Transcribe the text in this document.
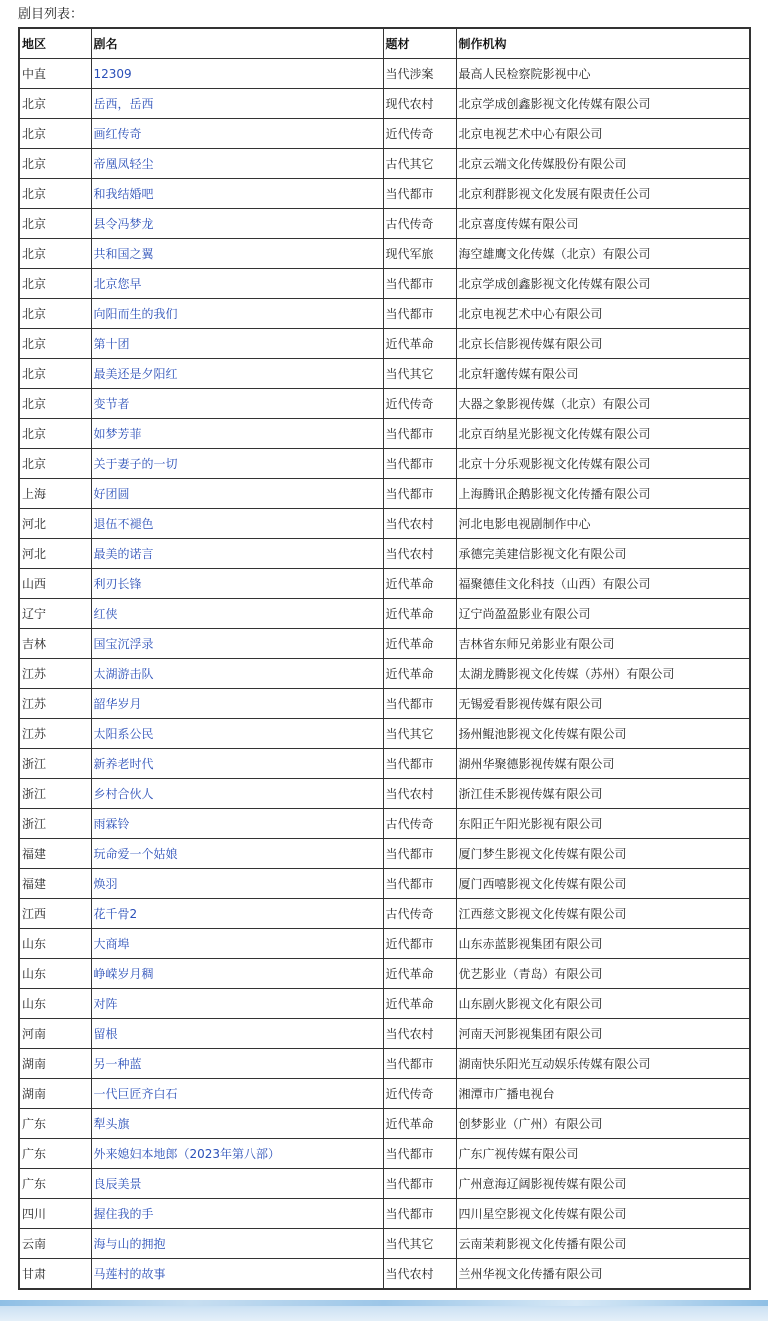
剧目列表：
地区	剧名	题材	制作机构
中直	12309	当代涉案	最高人民检察院影视中心
北京	岳西，岳西	现代农村	北京学成创鑫影视文化传媒有限公司
北京	画红传奇	近代传奇	北京电视艺术中心有限公司
北京	帝凰凤轻尘	古代其它	北京云端文化传媒股份有限公司
北京	和我结婚吧	当代都市	北京利群影视文化发展有限责任公司
北京	县令冯梦龙	古代传奇	北京喜度传媒有限公司
北京	共和国之翼	现代军旅	海空雄鹰文化传媒（北京）有限公司
北京	北京您早	当代都市	北京学成创鑫影视文化传媒有限公司
北京	向阳而生的我们	当代都市	北京电视艺术中心有限公司
北京	第十团	近代革命	北京长信影视传媒有限公司
北京	最美还是夕阳红	当代其它	北京轩邈传媒有限公司
北京	变节者	近代传奇	大器之象影视传媒（北京）有限公司
北京	如梦芳菲	当代都市	北京百纳星光影视文化传媒有限公司
北京	关于妻子的一切	当代都市	北京十分乐观影视文化传媒有限公司
上海	好团圆	当代都市	上海腾讯企鹅影视文化传播有限公司
河北	退伍不褪色	当代农村	河北电影电视剧制作中心
河北	最美的诺言	当代农村	承德完美建信影视文化有限公司
山西	利刃长锋	近代革命	福聚德佳文化科技（山西）有限公司
辽宁	红侠	近代革命	辽宁尚盈盈影业有限公司
吉林	国宝沉浮录	近代革命	吉林省东师兄弟影业有限公司
江苏	太湖游击队	近代革命	太湖龙腾影视文化传媒（苏州）有限公司
江苏	韶华岁月	当代都市	无锡爱看影视传媒有限公司
江苏	太阳系公民	当代其它	扬州鲲池影视文化传媒有限公司
浙江	新养老时代	当代都市	湖州华聚德影视传媒有限公司
浙江	乡村合伙人	当代农村	浙江佳禾影视传媒有限公司
浙江	雨霖铃	古代传奇	东阳正午阳光影视有限公司
福建	玩命爱一个姑娘	当代都市	厦门梦生影视文化传媒有限公司
福建	焕羽	当代都市	厦门西嘻影视文化传媒有限公司
江西	花千骨2	古代传奇	江西慈文影视文化传媒有限公司
山东	大商埠	近代都市	山东赤蓝影视集团有限公司
山东	峥嵘岁月稠	近代革命	优艺影业（青岛）有限公司
山东	对阵	近代革命	山东剧火影视文化有限公司
河南	留根	当代农村	河南天河影视集团有限公司
湖南	另一种蓝	当代都市	湖南快乐阳光互动娱乐传媒有限公司
湖南	一代巨匠齐白石	近代传奇	湘潭市广播电视台
广东	犁头旗	近代革命	创梦影业（广州）有限公司
广东	外来媳妇本地郎（2023年第八部）	当代都市	广东广视传媒有限公司
广东	良辰美景	当代都市	广州意海辽阔影视传媒有限公司
四川	握住我的手	当代都市	四川星空影视文化传媒有限公司
云南	海与山的拥抱	当代其它	云南茉莉影视文化传播有限公司
甘肃	马莲村的故事	当代农村	兰州华视文化传播有限公司
